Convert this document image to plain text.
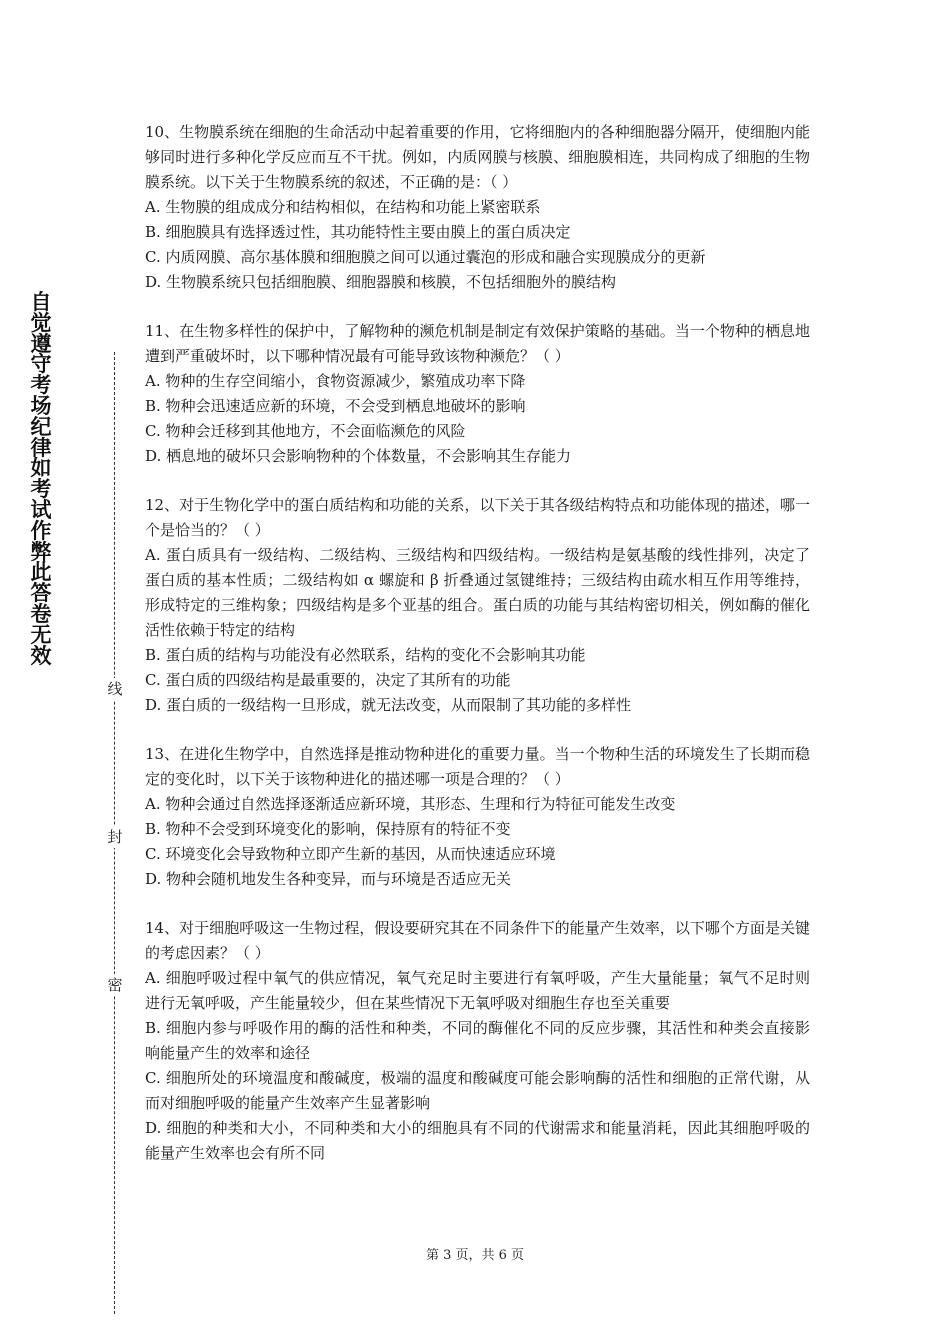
自觉遵守考场纪律如考试作弊此答卷无效
线
封
密
10、生物膜系统在细胞的生命活动中起着重要的作用，它将细胞内的各种细胞器分隔开，使细胞内能够同时进行多种化学反应而互不干扰。例如，内质网膜与核膜、细胞膜相连，共同构成了细胞的生物膜系统。以下关于生物膜系统的叙述，不正确的是：（ ）
A. 生物膜的组成成分和结构相似，在结构和功能上紧密联系
B. 细胞膜具有选择透过性，其功能特性主要由膜上的蛋白质决定
C. 内质网膜、高尔基体膜和细胞膜之间可以通过囊泡的形成和融合实现膜成分的更新
D. 生物膜系统只包括细胞膜、细胞器膜和核膜，不包括细胞外的膜结构
11、在生物多样性的保护中，了解物种的濒危机制是制定有效保护策略的基础。当一个物种的栖息地遭到严重破坏时，以下哪种情况最有可能导致该物种濒危？（ ）
A. 物种的生存空间缩小，食物资源减少，繁殖成功率下降
B. 物种会迅速适应新的环境，不会受到栖息地破坏的影响
C. 物种会迁移到其他地方，不会面临濒危的风险
D. 栖息地的破坏只会影响物种的个体数量，不会影响其生存能力
12、对于生物化学中的蛋白质结构和功能的关系，以下关于其各级结构特点和功能体现的描述，哪一个是恰当的？（ ）
A. 蛋白质具有一级结构、二级结构、三级结构和四级结构。一级结构是氨基酸的线性排列，决定了蛋白质的基本性质；二级结构如 α 螺旋和 β 折叠通过氢键维持；三级结构由疏水相互作用等维持，形成特定的三维构象；四级结构是多个亚基的组合。蛋白质的功能与其结构密切相关，例如酶的催化活性依赖于特定的结构
B. 蛋白质的结构与功能没有必然联系，结构的变化不会影响其功能
C. 蛋白质的四级结构是最重要的，决定了其所有的功能
D. 蛋白质的一级结构一旦形成，就无法改变，从而限制了其功能的多样性
13、在进化生物学中，自然选择是推动物种进化的重要力量。当一个物种生活的环境发生了长期而稳定的变化时，以下关于该物种进化的描述哪一项是合理的？（ ）
A. 物种会通过自然选择逐渐适应新环境，其形态、生理和行为特征可能发生改变
B. 物种不会受到环境变化的影响，保持原有的特征不变
C. 环境变化会导致物种立即产生新的基因，从而快速适应环境
D. 物种会随机地发生各种变异，而与环境是否适应无关
14、对于细胞呼吸这一生物过程，假设要研究其在不同条件下的能量产生效率，以下哪个方面是关键的考虑因素？（ ）
A. 细胞呼吸过程中氧气的供应情况，氧气充足时主要进行有氧呼吸，产生大量能量；氧气不足时则进行无氧呼吸，产生能量较少，但在某些情况下无氧呼吸对细胞生存也至关重要
B. 细胞内参与呼吸作用的酶的活性和种类，不同的酶催化不同的反应步骤，其活性和种类会直接影响能量产生的效率和途径
C. 细胞所处的环境温度和酸碱度，极端的温度和酸碱度可能会影响酶的活性和细胞的正常代谢，从而对细胞呼吸的能量产生效率产生显著影响
D. 细胞的种类和大小，不同种类和大小的细胞具有不同的代谢需求和能量消耗，因此其细胞呼吸的能量产生效率也会有所不同
第 3 页，共 6 页
